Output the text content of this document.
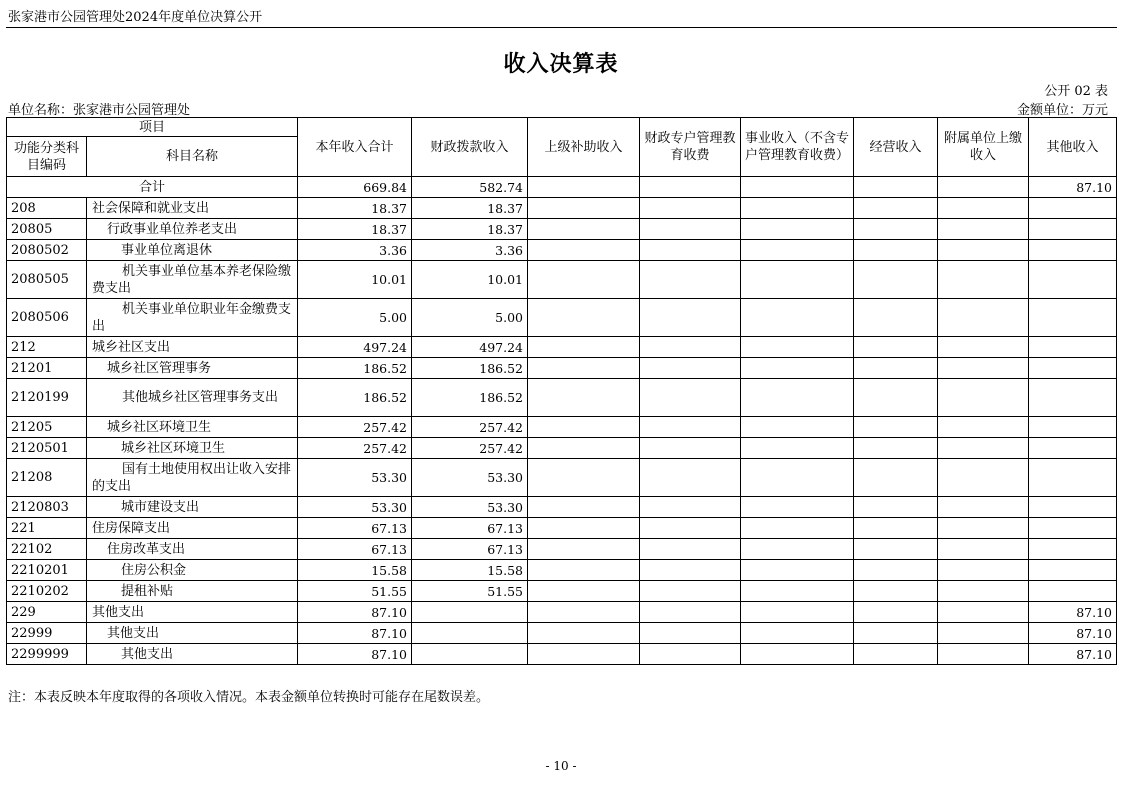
张家港市公园管理处2024年度单位决算公开
收入决算表
公开 02 表
单位名称：张家港市公园管理处	金额单位：万元
项目		本年收入合计	财政拨款收入	上级补助收入	财政专户管理教育收费	事业收入（不含专户管理教育收费）	经营收入	附属单位上缴收入	其他收入
功能分类科目编码	科目名称								
合计		669.84	582.74						87.10
208	社会保障和就业支出	18.37	18.37						
20805	行政事业单位养老支出	18.37	18.37						
2080502	事业单位离退休	3.36	3.36						
2080505	机关事业单位基本养老保险缴费支出	10.01	10.01						
2080506	机关事业单位职业年金缴费支出	5.00	5.00						
212	城乡社区支出	497.24	497.24						
21201	城乡社区管理事务	186.52	186.52						
2120199	其他城乡社区管理事务支出	186.52	186.52						
21205	城乡社区环境卫生	257.42	257.42						
2120501	城乡社区环境卫生	257.42	257.42						
21208	国有土地使用权出让收入安排的支出	53.30	53.30						
2120803	城市建设支出	53.30	53.30						
221	住房保障支出	67.13	67.13						
22102	住房改革支出	67.13	67.13						
2210201	住房公积金	15.58	15.58						
2210202	提租补贴	51.55	51.55						
229	其他支出	87.10							87.10
22999	其他支出	87.10							87.10
2299999	其他支出	87.10							87.10
注：本表反映本年度取得的各项收入情况。本表金额单位转换时可能存在尾数误差。
- 10 -
